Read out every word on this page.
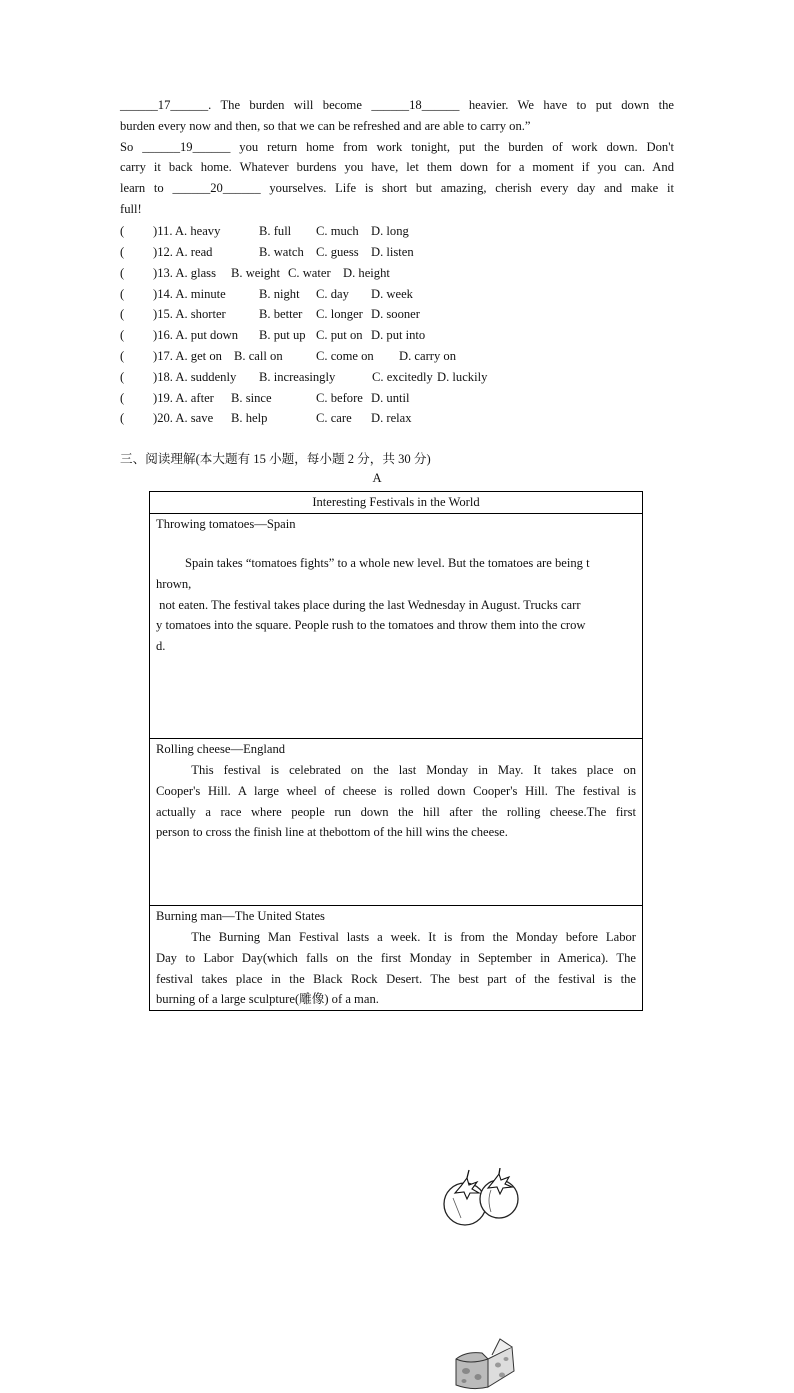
______17______. The burden will become ______18______ heavier. We have to put down the
burden every now and then, so that we can be refreshed and are able to carry on.”
So ______19______ you return home from work tonight, put the burden of work down. Don't
carry it back home. Whatever burdens you have, let them down for a moment if you can. And
learn to ______20______ yourselves. Life is short but amazing, cherish every day and make it
full!
( )11. A. heavy	B. full C. much D. long
( )12. A. read	B. watch C. guess D. listen
( )13. A. glass B. weight C. water D. height
( )14. A. minute	B. night C. day D. week
( )15. A. shorter	B. better C. longer D. sooner
( )16. A. put down B. put up C. put on D. put into
( )17. A. get on B. call on	C. come on D. carry on
( )18. A. suddenly B. increasingly	C. excitedly D. luckily
( )19. A. after B. since	C. before D. until
( )20. A. save B. help	C. care D. relax
三、阅读理解(本大题有 15 小题，每小题 2 分，共 30 分)
A
Interesting Festivals in the World

Throwing tomatoes—Spain
Spain takes “tomatoes fights” to a whole new level. But the tomatoes are being t
hrown,
not eaten. The festival takes place during the last Wednesday in August. Trucks carr
y tomatoes into the square. People rush to the tomatoes and throw them into the crow
d.

Rolling cheese—England
This festival is celebrated on the last Monday in May. It takes place on
Cooper's Hill. A large wheel of cheese is rolled down Cooper's Hill. The festival is
actually a race where people run down the hill after the rolling cheese.The first
person to cross the finish line at thebottom of the hill wins the cheese.

Burning man—The United States
The Burning Man Festival lasts a week. It is from the Monday before Labor
Day to Labor Day(which falls on the first Monday in September in America). The
festival takes place in the Black Rock Desert. The best part of the festival is the
burning of a large sculpture(雕像) of a man.
